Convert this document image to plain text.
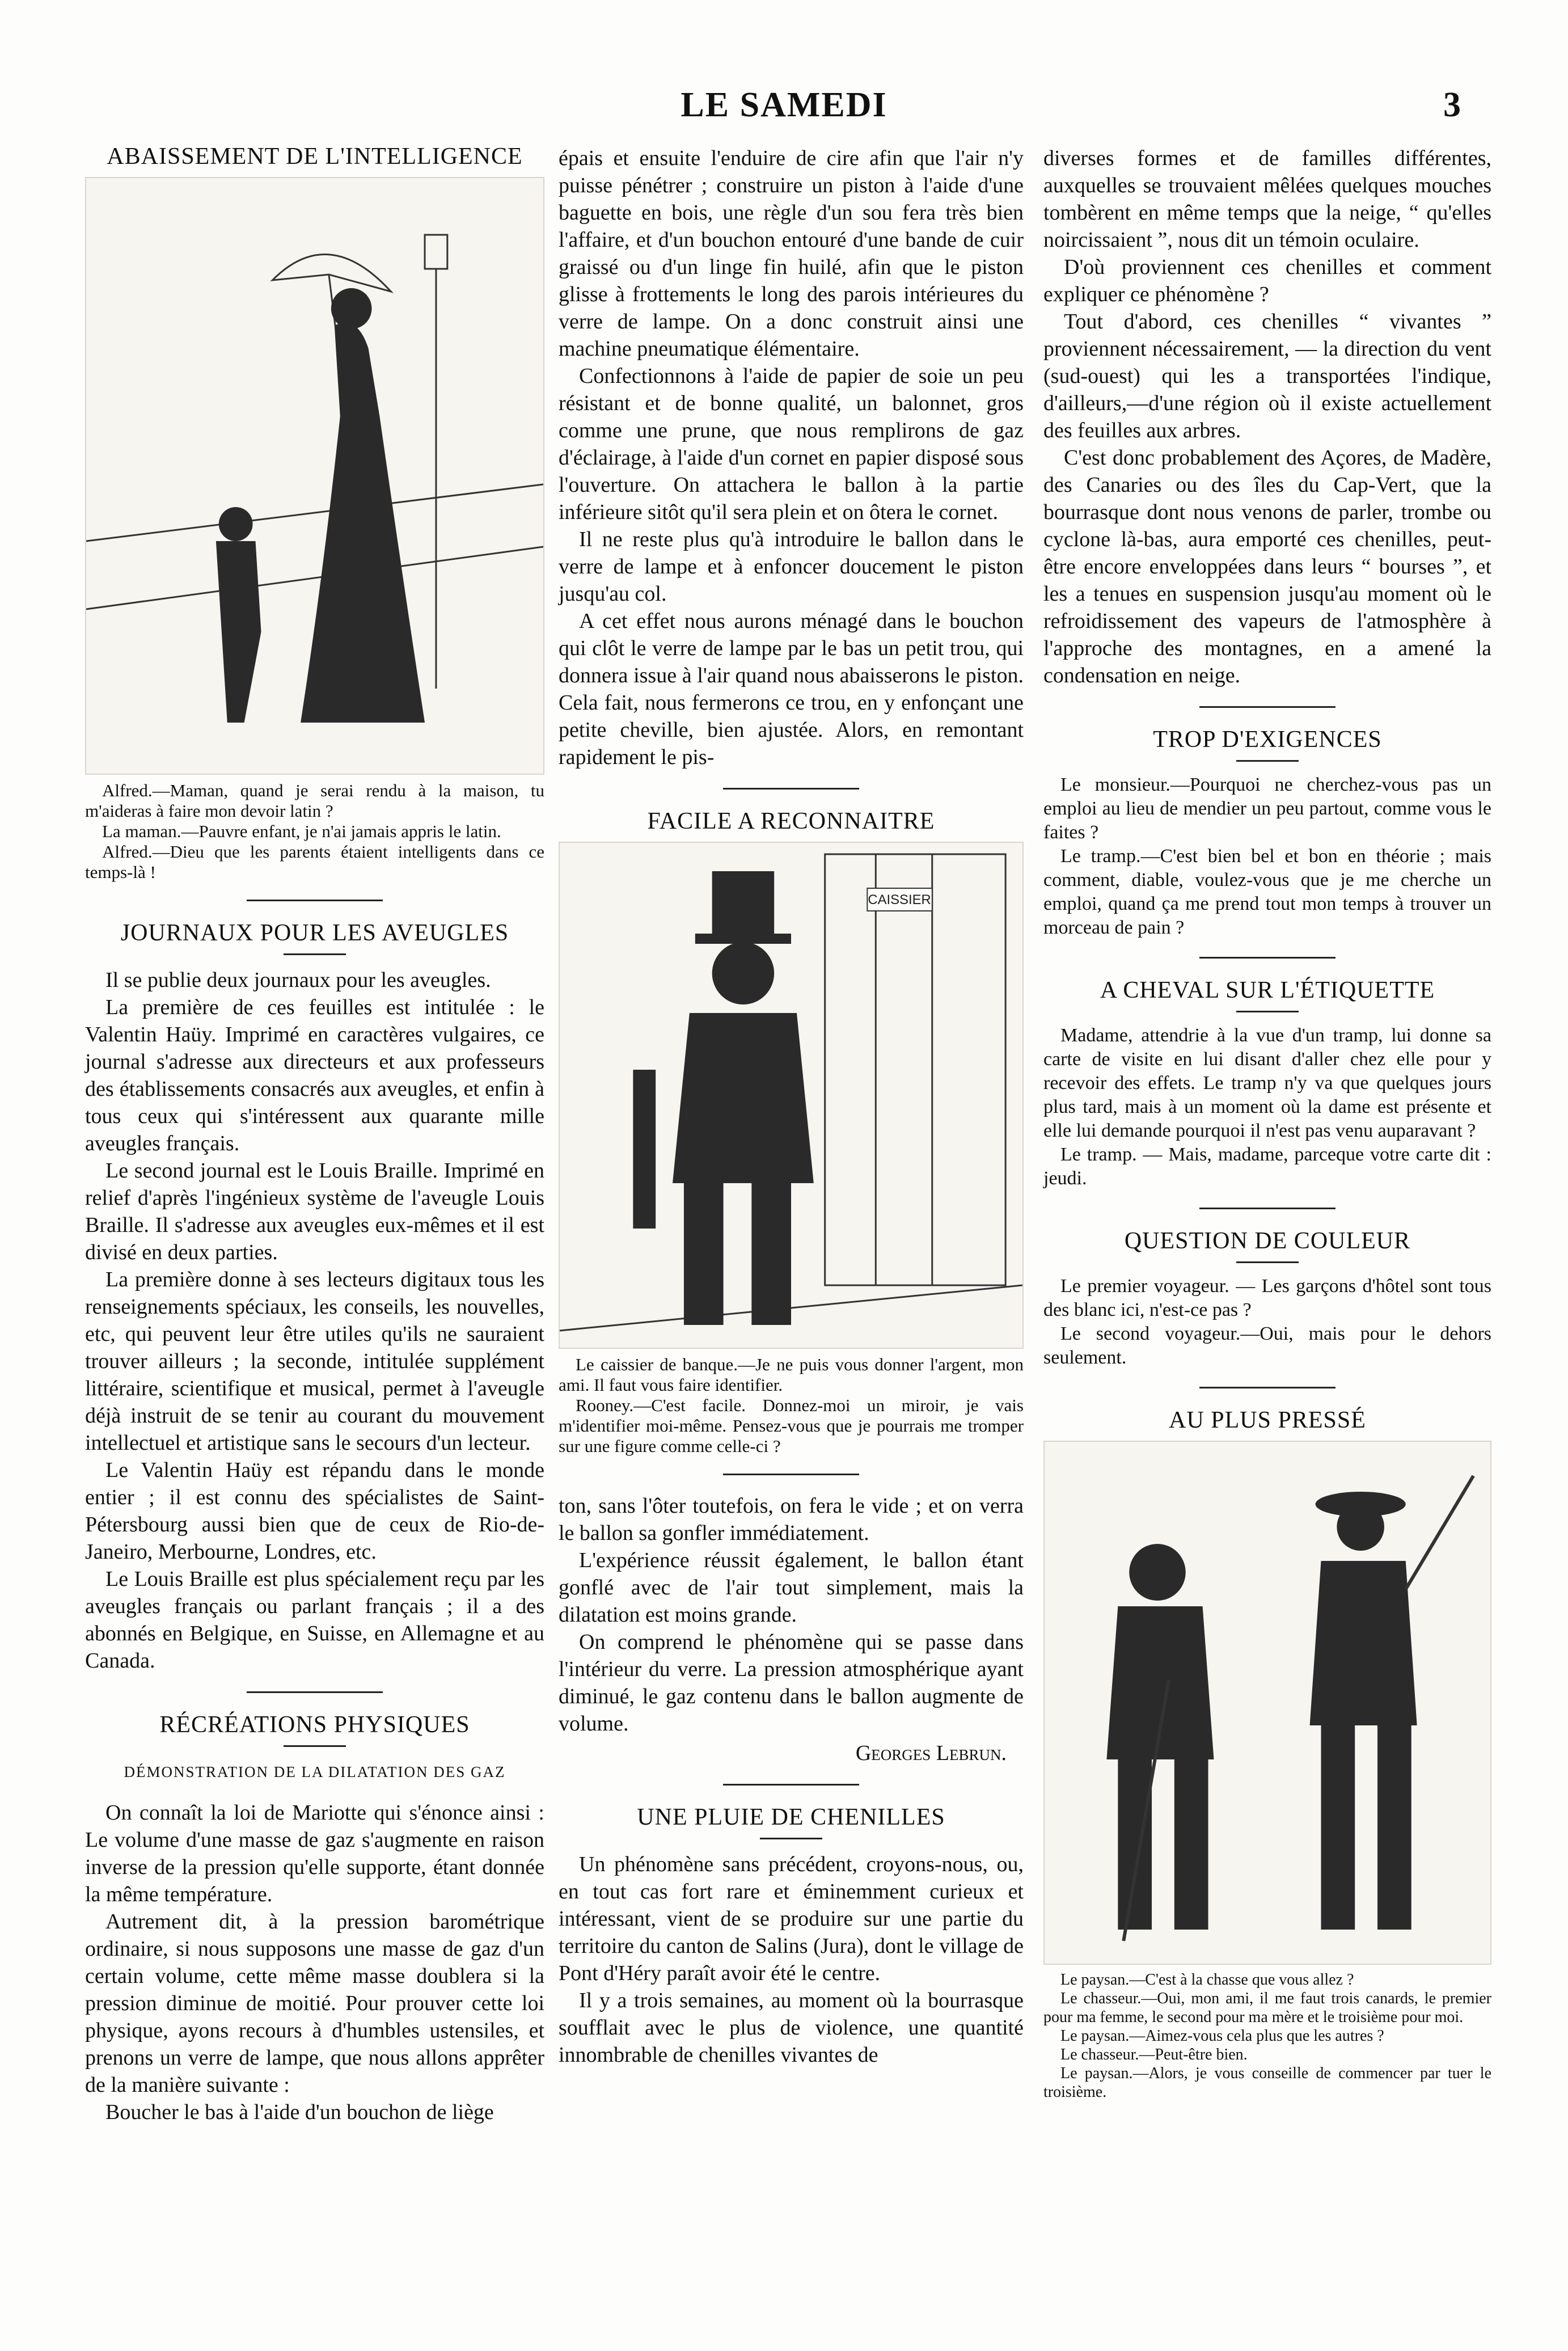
LE SAMEDI	3
ABAISSEMENT DE L'INTELLIGENCE

Alfred.—Maman, quand je serai rendu à la maison, tu m'aideras à faire mon devoir latin ?

La maman.—Pauvre enfant, je n'ai jamais appris le latin.

Alfred.—Dieu que les parents étaient intelligents dans ce temps-là !

JOURNAUX POUR LES AVEUGLES

Il se publie deux journaux pour les aveugles.

La première de ces feuilles est intitulée : le Valentin Haüy. Imprimé en caractères vulgaires, ce journal s'adresse aux directeurs et aux professeurs des établissements consacrés aux aveugles, et enfin à tous ceux qui s'intéressent aux quarante mille aveugles français.

Le second journal est le Louis Braille. Imprimé en relief d'après l'ingénieux système de l'aveugle Louis Braille. Il s'adresse aux aveugles eux-mêmes et il est divisé en deux parties.

La première donne à ses lecteurs digitaux tous les renseignements spéciaux, les conseils, les nouvelles, etc, qui peuvent leur être utiles qu'ils ne sauraient trouver ailleurs ; la seconde, intitulée supplément littéraire, scientifique et musical, permet à l'aveugle déjà instruit de se tenir au courant du mouvement intellectuel et artistique sans le secours d'un lecteur.

Le Valentin Haüy est répandu dans le monde entier ; il est connu des spécialistes de Saint-Pétersbourg aussi bien que de ceux de Rio-de-Janeiro, Merbourne, Londres, etc.

Le Louis Braille est plus spécialement reçu par les aveugles français ou parlant français ; il a des abonnés en Belgique, en Suisse, en Allemagne et au Canada.

RÉCRÉATIONS PHYSIQUES
DÉMONSTRATION DE LA DILATATION DES GAZ

On connaît la loi de Mariotte qui s'énonce ainsi : Le volume d'une masse de gaz s'augmente en raison inverse de la pression qu'elle supporte, étant donnée la même température.

Autrement dit, à la pression barométrique ordinaire, si nous supposons une masse de gaz d'un certain volume, cette même masse doublera si la pression diminue de moitié. Pour prouver cette loi physique, ayons recours à d'humbles ustensiles, et prenons un verre de lampe, que nous allons apprêter de la manière suivante :

Boucher le bas à l'aide d'un bouchon de liège

épais et ensuite l'enduire de cire afin que l'air n'y puisse pénétrer ; construire un piston à l'aide d'une baguette en bois, une règle d'un sou fera très bien l'affaire, et d'un bouchon entouré d'une bande de cuir graissé ou d'un linge fin huilé, afin que le piston glisse à frottements le long des parois intérieures du verre de lampe. On a donc construit ainsi une machine pneumatique élémentaire.

Confectionnons à l'aide de papier de soie un peu résistant et de bonne qualité, un balonnet, gros comme une prune, que nous remplirons de gaz d'éclairage, à l'aide d'un cornet en papier disposé sous l'ouverture. On attachera le ballon à la partie inférieure sitôt qu'il sera plein et on ôtera le cornet.

Il ne reste plus qu'à introduire le ballon dans le verre de lampe et à enfoncer doucement le piston jusqu'au col.

A cet effet nous aurons ménagé dans le bouchon qui clôt le verre de lampe par le bas un petit trou, qui donnera issue à l'air quand nous abaisserons le piston. Cela fait, nous fermerons ce trou, en y enfonçant une petite cheville, bien ajustée. Alors, en remontant rapidement le pis-

FACILE A RECONNAITRE
CAISSIER

Le caissier de banque.—Je ne puis vous donner l'argent, mon ami. Il faut vous faire identifier.

Rooney.—C'est facile. Donnez-moi un miroir, je vais m'identifier moi-même. Pensez-vous que je pourrais me tromper sur une figure comme celle-ci ?

ton, sans l'ôter toutefois, on fera le vide ; et on verra le ballon sa gonfler immédiatement.

L'expérience réussit également, le ballon étant gonflé avec de l'air tout simplement, mais la dilatation est moins grande.

On comprend le phénomène qui se passe dans l'intérieur du verre. La pression atmosphérique ayant diminué, le gaz contenu dans le ballon augmente de volume.

Georges Lebrun.
UNE PLUIE DE CHENILLES

Un phénomène sans précédent, croyons-nous, ou, en tout cas fort rare et éminemment curieux et intéressant, vient de se produire sur une partie du territoire du canton de Salins (Jura), dont le village de Pont d'Héry paraît avoir été le centre.

Il y a trois semaines, au moment où la bourrasque soufflait avec le plus de violence, une quantité innombrable de chenilles vivantes de

diverses formes et de familles différentes, auxquelles se trouvaient mêlées quelques mouches tombèrent en même temps que la neige, “ qu'elles noircissaient ”, nous dit un témoin oculaire.

D'où proviennent ces chenilles et comment expliquer ce phénomène ?

Tout d'abord, ces chenilles “ vivantes ” proviennent nécessairement, — la direction du vent (sud-ouest) qui les a transportées l'indique, d'ailleurs,—d'une région où il existe actuellement des feuilles aux arbres.

C'est donc probablement des Açores, de Madère, des Canaries ou des îles du Cap-Vert, que la bourrasque dont nous venons de parler, trombe ou cyclone là-bas, aura emporté ces chenilles, peut-être encore enveloppées dans leurs “ bourses ”, et les a tenues en suspension jusqu'au moment où le refroidissement des vapeurs de l'atmosphère à l'approche des montagnes, en a amené la condensation en neige.

TROP D'EXIGENCES

Le monsieur.—Pourquoi ne cherchez-vous pas un emploi au lieu de mendier un peu partout, comme vous le faites ?

Le tramp.—C'est bien bel et bon en théorie ; mais comment, diable, voulez-vous que je me cherche un emploi, quand ça me prend tout mon temps à trouver un morceau de pain ?

A CHEVAL SUR L'ÉTIQUETTE

Madame, attendrie à la vue d'un tramp, lui donne sa carte de visite en lui disant d'aller chez elle pour y recevoir des effets. Le tramp n'y va que quelques jours plus tard, mais à un moment où la dame est présente et elle lui demande pourquoi il n'est pas venu auparavant ?

Le tramp. — Mais, madame, parceque votre carte dit : jeudi.

QUESTION DE COULEUR

Le premier voyageur. — Les garçons d'hôtel sont tous des blanc ici, n'est-ce pas ?

Le second voyageur.—Oui, mais pour le dehors seulement.

AU PLUS PRESSÉ

Le paysan.—C'est à la chasse que vous allez ?

Le chasseur.—Oui, mon ami, il me faut trois canards, le premier pour ma femme, le second pour ma mère et le troisième pour moi.

Le paysan.—Aimez-vous cela plus que les autres ?

Le chasseur.—Peut-être bien.

Le paysan.—Alors, je vous conseille de commencer par tuer le troisième.
